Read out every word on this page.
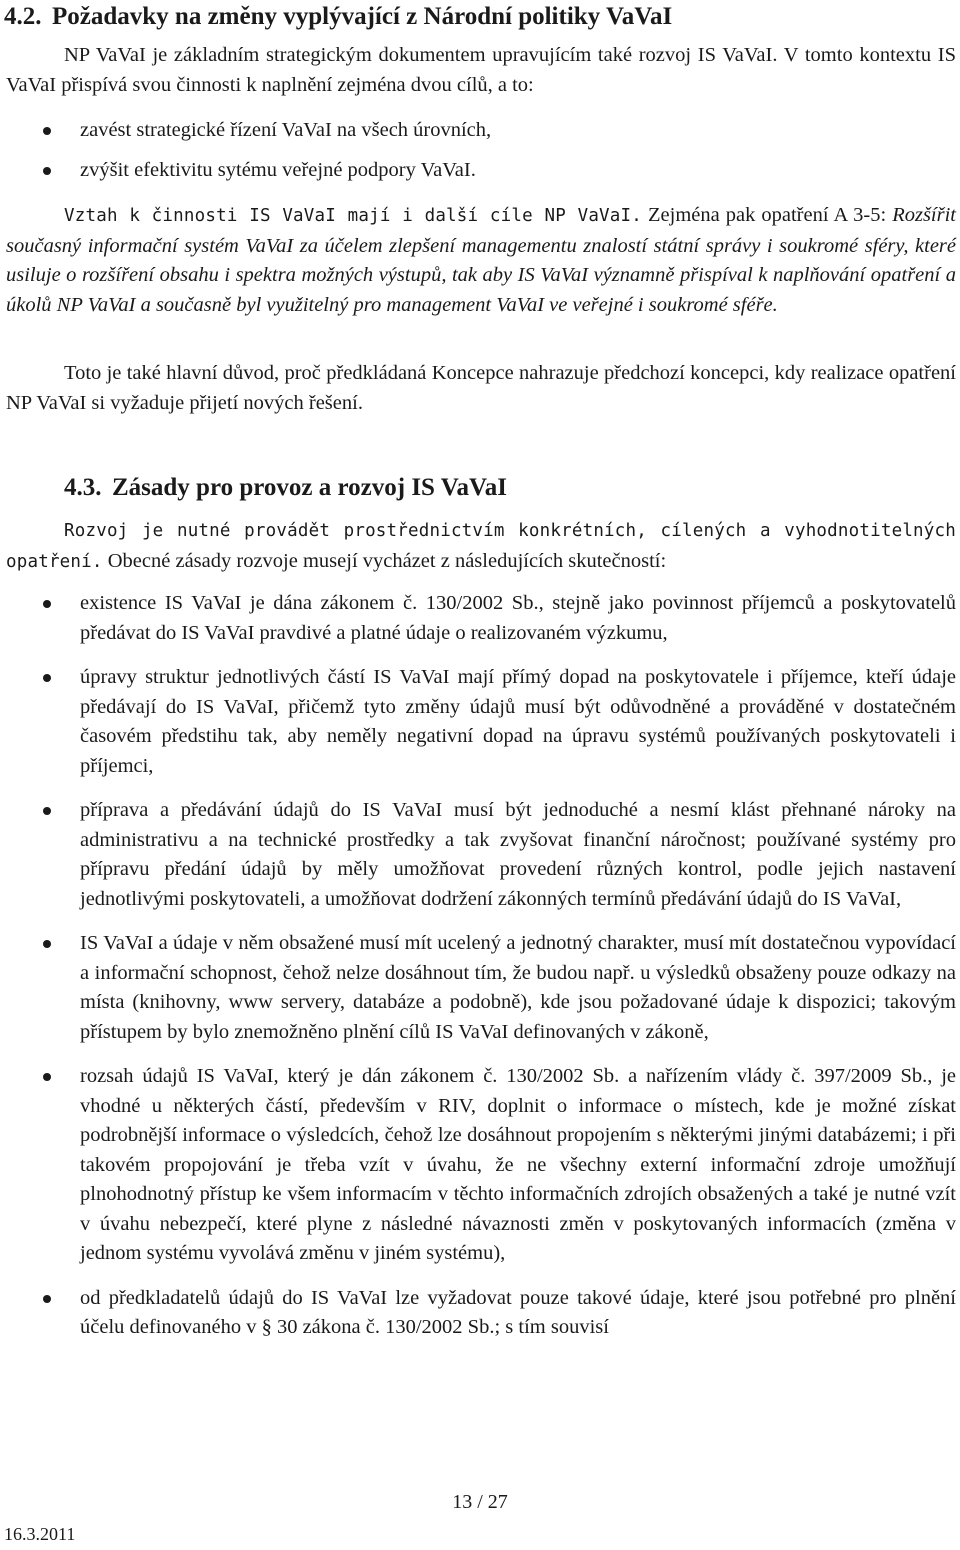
4.2. Požadavky na změny vyplývající z Národní politiky VaVaI

NP VaVaI je základním strategickým dokumentem upravujícím také rozvoj IS VaVaI. V tomto kontextu IS VaVaI přispívá svou činnosti k naplnění zejména dvou cílů, a to:

zavést strategické řízení VaVaI na všech úrovních,
zvýšit efektivitu sytému veřejné podpory VaVaI.

Vztah k činnosti IS VaVaI mají i další cíle NP VaVaI. Zejména pak opatření A 3-5: Rozšířit současný informační systém VaVaI za účelem zlepšení managementu znalostí státní správy i soukromé sféry, které usiluje o rozšíření obsahu i spektra možných výstupů, tak aby IS VaVaI významně přispíval k naplňování opatření a úkolů NP VaVaI a současně byl využitelný pro management VaVaI ve veřejné i soukromé sféře.

Toto je také hlavní důvod, proč předkládaná Koncepce nahrazuje předchozí koncepci, kdy realizace opatření NP VaVaI si vyžaduje přijetí nových řešení.

4.3. Zásady pro provoz a rozvoj IS VaVaI

Rozvoj je nutné provádět prostřednictvím konkrétních, cílených a vyhodnotitelných opatření. Obecné zásady rozvoje musejí vycházet z následujících skutečností:

existence IS VaVaI je dána zákonem č. 130/2002 Sb., stejně jako povinnost příjemců a poskytovatelů předávat do IS VaVaI pravdivé a platné údaje o realizovaném výzkumu,
úpravy struktur jednotlivých částí IS VaVaI mají přímý dopad na poskytovatele i příjemce, kteří údaje předávají do IS VaVaI, přičemž tyto změny údajů musí být odůvodněné a prováděné v dostatečném časovém předstihu tak, aby neměly negativní dopad na úpravu systémů používaných poskytovateli i příjemci,
příprava a předávání údajů do IS VaVaI musí být jednoduché a nesmí klást přehnané nároky na administrativu a na technické prostředky a tak zvyšovat finanční náročnost; používané systémy pro přípravu předání údajů by měly umožňovat provedení různých kontrol, podle jejich nastavení jednotlivými poskytovateli, a umožňovat dodržení zákonných termínů předávání údajů do IS VaVaI,
IS VaVaI a údaje v něm obsažené musí mít ucelený a jednotný charakter, musí mít dostatečnou vypovídací a informační schopnost, čehož nelze dosáhnout tím, že budou např. u výsledků obsaženy pouze odkazy na místa (knihovny, www servery, databáze a podobně), kde jsou požadované údaje k dispozici; takovým přístupem by bylo znemožněno plnění cílů IS VaVaI definovaných v zákoně,
rozsah údajů IS VaVaI, který je dán zákonem č. 130/2002 Sb. a nařízením vlády č. 397/2009 Sb., je vhodné u některých částí, především v RIV, doplnit o informace o místech, kde je možné získat podrobnější informace o výsledcích, čehož lze dosáhnout propojením s některými jinými databázemi; i při takovém propojování je třeba vzít v úvahu, že ne všechny externí informační zdroje umožňují plnohodnotný přístup ke všem informacím v těchto informačních zdrojích obsažených a také je nutné vzít v úvahu nebezpečí, které plyne z následné návaznosti změn v poskytovaných informacích (změna v jednom systému vyvolává změnu v jiném systému),
od předkladatelů údajů do IS VaVaI lze vyžadovat pouze takové údaje, které jsou potřebné pro plnění účelu definovaného v § 30 zákona č. 130/2002 Sb.; s tím souvisí
13 / 27
16.3.2011
